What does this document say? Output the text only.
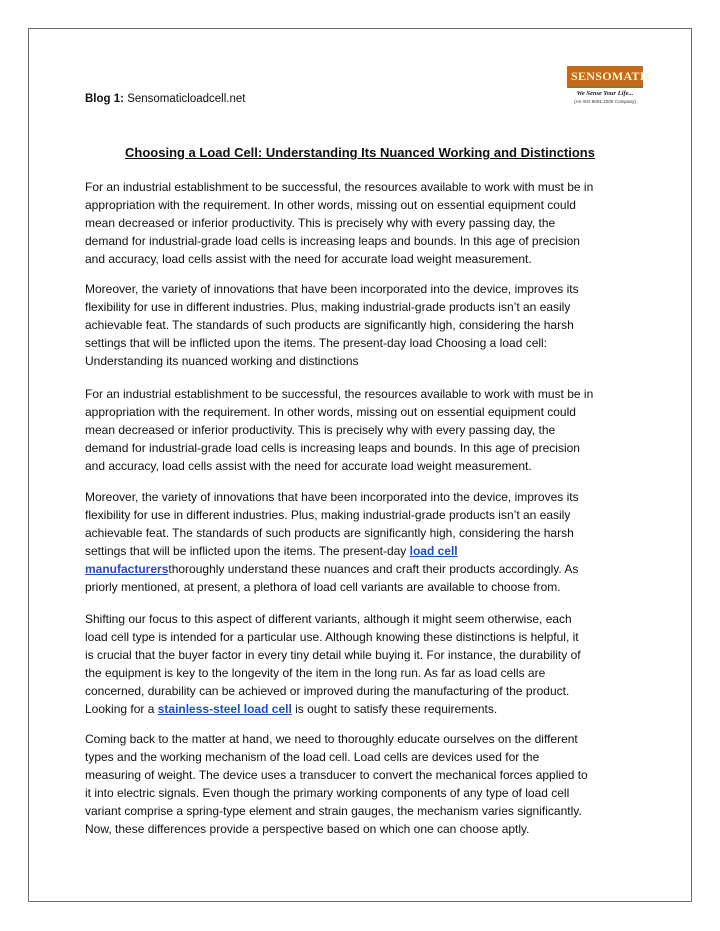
Blog 1: Sensomaticloadcell.net
SENSOMATIC
We Sense Your Life...
(An ISO 9001:2008 Company)
Choosing a Load Cell: Understanding Its Nuanced Working and Distinctions
For an industrial establishment to be successful, the resources available to work with must be in
appropriation with the requirement. In other words, missing out on essential equipment could
mean decreased or inferior productivity. This is precisely why with every passing day, the
demand for industrial-grade load cells is increasing leaps and bounds. In this age of precision
and accuracy, load cells assist with the need for accurate load weight measurement.
Moreover, the variety of innovations that have been incorporated into the device, improves its
flexibility for use in different industries. Plus, making industrial-grade products isn’t an easily
achievable feat. The standards of such products are significantly high, considering the harsh
settings that will be inflicted upon the items. The present-day load Choosing a load cell:
Understanding its nuanced working and distinctions
For an industrial establishment to be successful, the resources available to work with must be in
appropriation with the requirement. In other words, missing out on essential equipment could
mean decreased or inferior productivity. This is precisely why with every passing day, the
demand for industrial-grade load cells is increasing leaps and bounds. In this age of precision
and accuracy, load cells assist with the need for accurate load weight measurement.
Moreover, the variety of innovations that have been incorporated into the device, improves its
flexibility for use in different industries. Plus, making industrial-grade products isn’t an easily
achievable feat. The standards of such products are significantly high, considering the harsh
settings that will be inflicted upon the items. The present-day load cell
manufacturersthoroughly understand these nuances and craft their products accordingly. As
priorly mentioned, at present, a plethora of load cell variants are available to choose from.
Shifting our focus to this aspect of different variants, although it might seem otherwise, each
load cell type is intended for a particular use. Although knowing these distinctions is helpful, it
is crucial that the buyer factor in every tiny detail while buying it. For instance, the durability of
the equipment is key to the longevity of the item in the long run. As far as load cells are
concerned, durability can be achieved or improved during the manufacturing of the product.
Looking for a stainless-steel load cell is ought to satisfy these requirements.
Coming back to the matter at hand, we need to thoroughly educate ourselves on the different
types and the working mechanism of the load cell. Load cells are devices used for the
measuring of weight. The device uses a transducer to convert the mechanical forces applied to
it into electric signals. Even though the primary working components of any type of load cell
variant comprise a spring-type element and strain gauges, the mechanism varies significantly.
Now, these differences provide a perspective based on which one can choose aptly.
